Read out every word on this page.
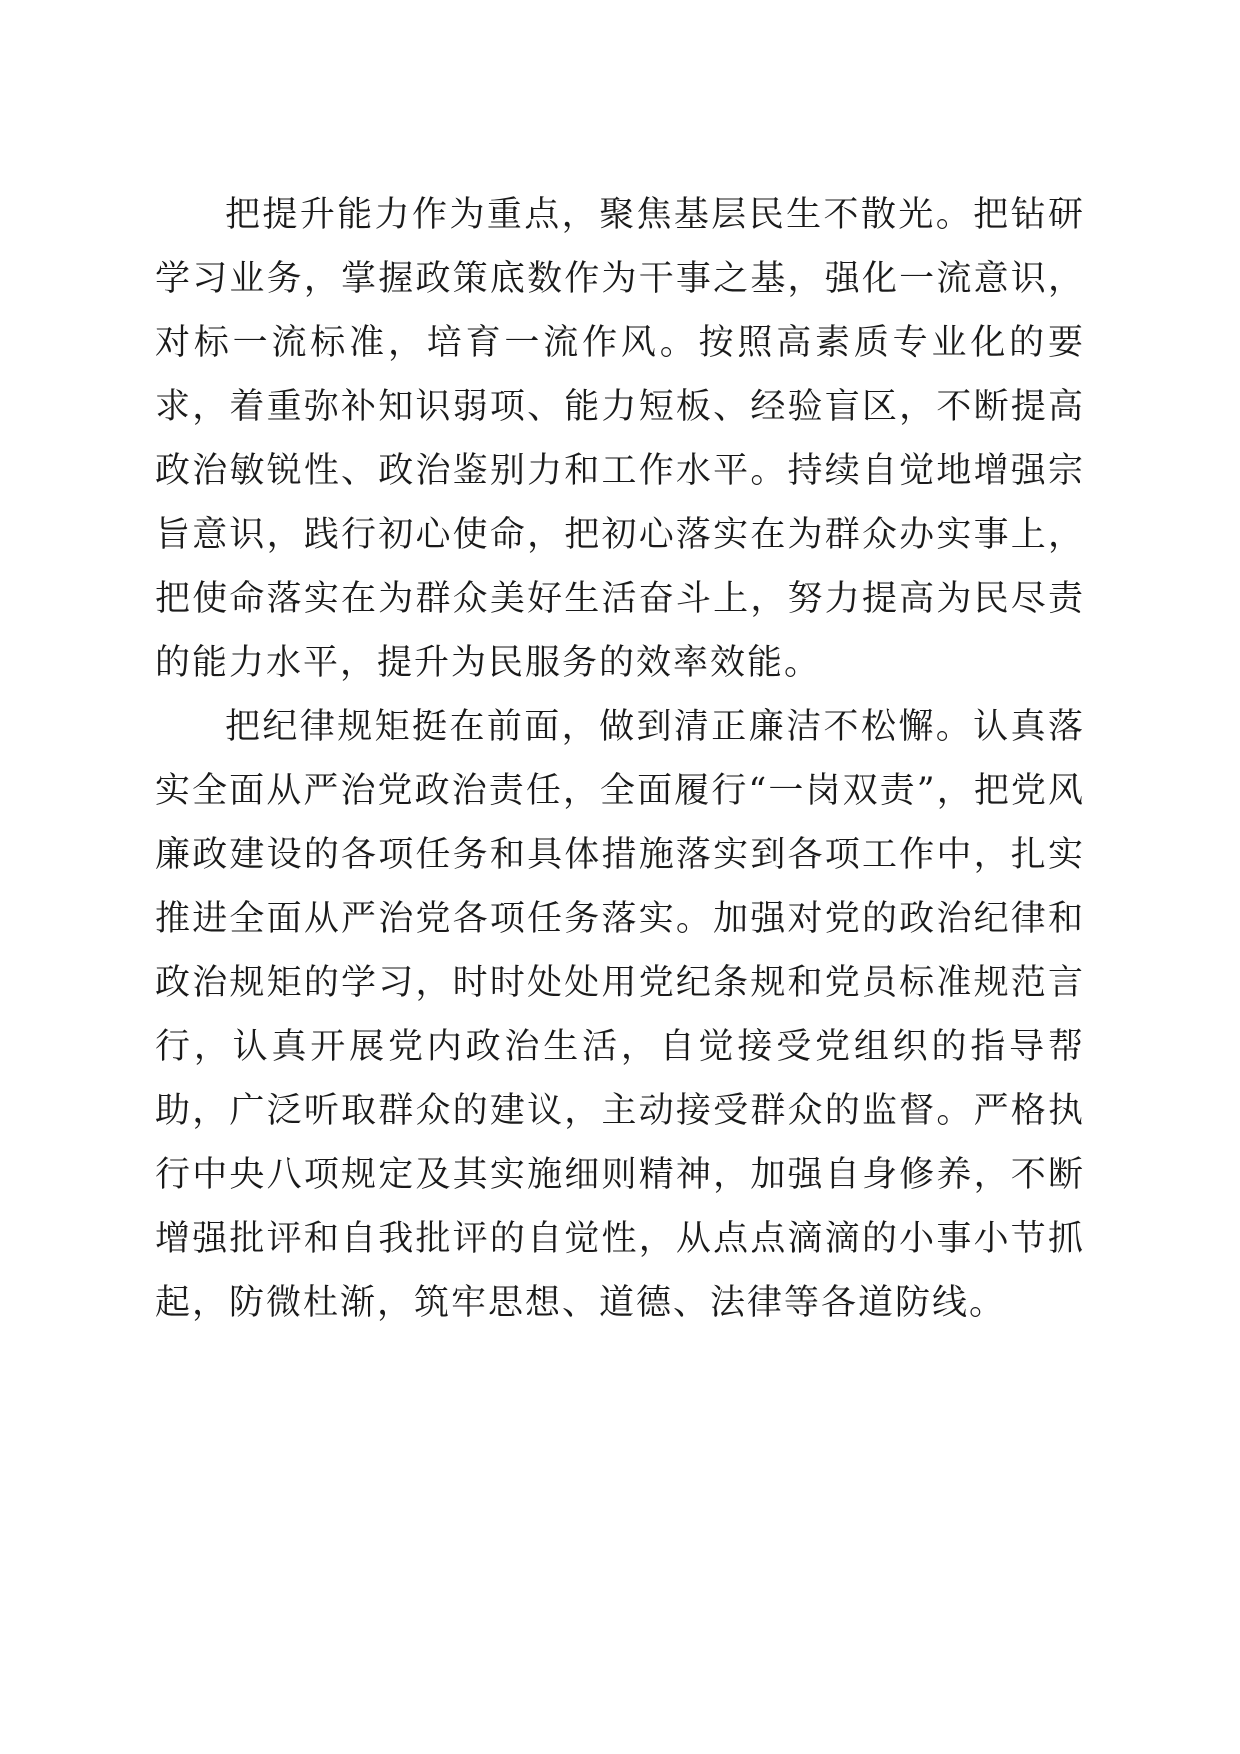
把提升能力作为重点，聚焦基层民生不散光。把钻研学习业务，掌握政策底数作为干事之基，强化一流意识，对标一流标准，培育一流作风。按照高素质专业化的要求，着重弥补知识弱项、能力短板、经验盲区，不断提高政治敏锐性、政治鉴别力和工作水平。持续自觉地增强宗旨意识，践行初心使命，把初心落实在为群众办实事上，把使命落实在为群众美好生活奋斗上，努力提高为民尽责的能力水平，提升为民服务的效率效能。

把纪律规矩挺在前面，做到清正廉洁不松懈。认真落实全面从严治党政治责任，全面履行“一岗双责”，把党风廉政建设的各项任务和具体措施落实到各项工作中，扎实推进全面从严治党各项任务落实。加强对党的政治纪律和政治规矩的学习，时时处处用党纪条规和党员标准规范言行，认真开展党内政治生活，自觉接受党组织的指导帮助，广泛听取群众的建议，主动接受群众的监督。严格执行中央八项规定及其实施细则精神，加强自身修养，不断增强批评和自我批评的自觉性，从点点滴滴的小事小节抓起，防微杜渐，筑牢思想、道德、法律等各道防线。
